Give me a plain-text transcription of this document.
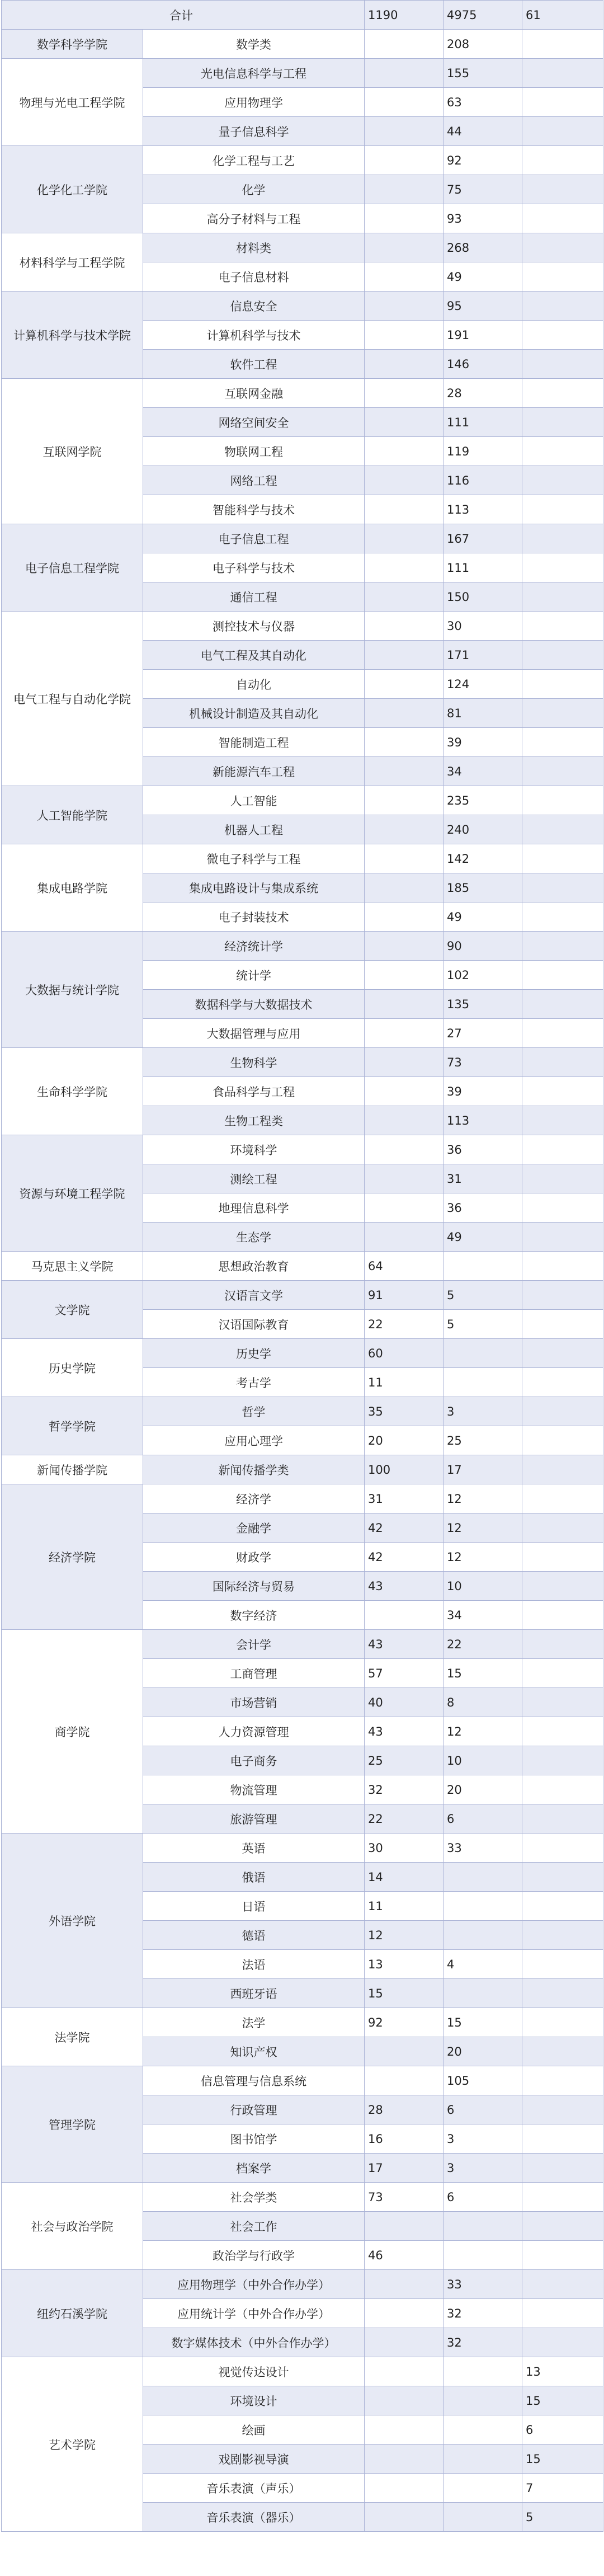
合计		1190	4975	61
数学科学学院	数学类		208	
物理与光电工程学院	光电信息科学与工程		155	
	应用物理学		63	
	量子信息科学		44	
化学化工学院	化学工程与工艺		92	
	化学		75	
	高分子材料与工程		93	
材料科学与工程学院	材料类		268	
	电子信息材料		49	
计算机科学与技术学院	信息安全		95	
	计算机科学与技术		191	
	软件工程		146	
互联网学院	互联网金融		28	
	网络空间安全		111	
	物联网工程		119	
	网络工程		116	
	智能科学与技术		113	
电子信息工程学院	电子信息工程		167	
	电子科学与技术		111	
	通信工程		150	
电气工程与自动化学院	测控技术与仪器		30	
	电气工程及其自动化		171	
	自动化		124	
	机械设计制造及其自动化		81	
	智能制造工程		39	
	新能源汽车工程		34	
人工智能学院	人工智能		235	
	机器人工程		240	
集成电路学院	微电子科学与工程		142	
	集成电路设计与集成系统		185	
	电子封装技术		49	
大数据与统计学院	经济统计学		90	
	统计学		102	
	数据科学与大数据技术		135	
	大数据管理与应用		27	
生命科学学院	生物科学		73	
	食品科学与工程		39	
	生物工程类		113	
资源与环境工程学院	环境科学		36	
	测绘工程		31	
	地理信息科学		36	
	生态学		49	
马克思主义学院	思想政治教育	64		
文学院	汉语言文学	91	5	
	汉语国际教育	22	5	
历史学院	历史学	60		
	考古学	11		
哲学学院	哲学	35	3	
	应用心理学	20	25	
新闻传播学院	新闻传播学类	100	17	
经济学院	经济学	31	12	
	金融学	42	12	
	财政学	42	12	
	国际经济与贸易	43	10	
	数字经济		34	
商学院	会计学	43	22	
	工商管理	57	15	
	市场营销	40	8	
	人力资源管理	43	12	
	电子商务	25	10	
	物流管理	32	20	
	旅游管理	22	6	
外语学院	英语	30	33	
	俄语	14		
	日语	11		
	德语	12		
	法语	13	4	
	西班牙语	15		
法学院	法学	92	15	
	知识产权		20	
管理学院	信息管理与信息系统		105	
	行政管理	28	6	
	图书馆学	16	3	
	档案学	17	3	
社会与政治学院	社会学类	73	6	
	社会工作			
	政治学与行政学	46		
纽约石溪学院	应用物理学（中外合作办学）		33	
	应用统计学（中外合作办学）		32	
	数字媒体技术（中外合作办学）		32	
艺术学院	视觉传达设计			13
	环境设计			15
	绘画			6
	戏剧影视导演			15
	音乐表演（声乐）			7
	音乐表演（器乐）			5
